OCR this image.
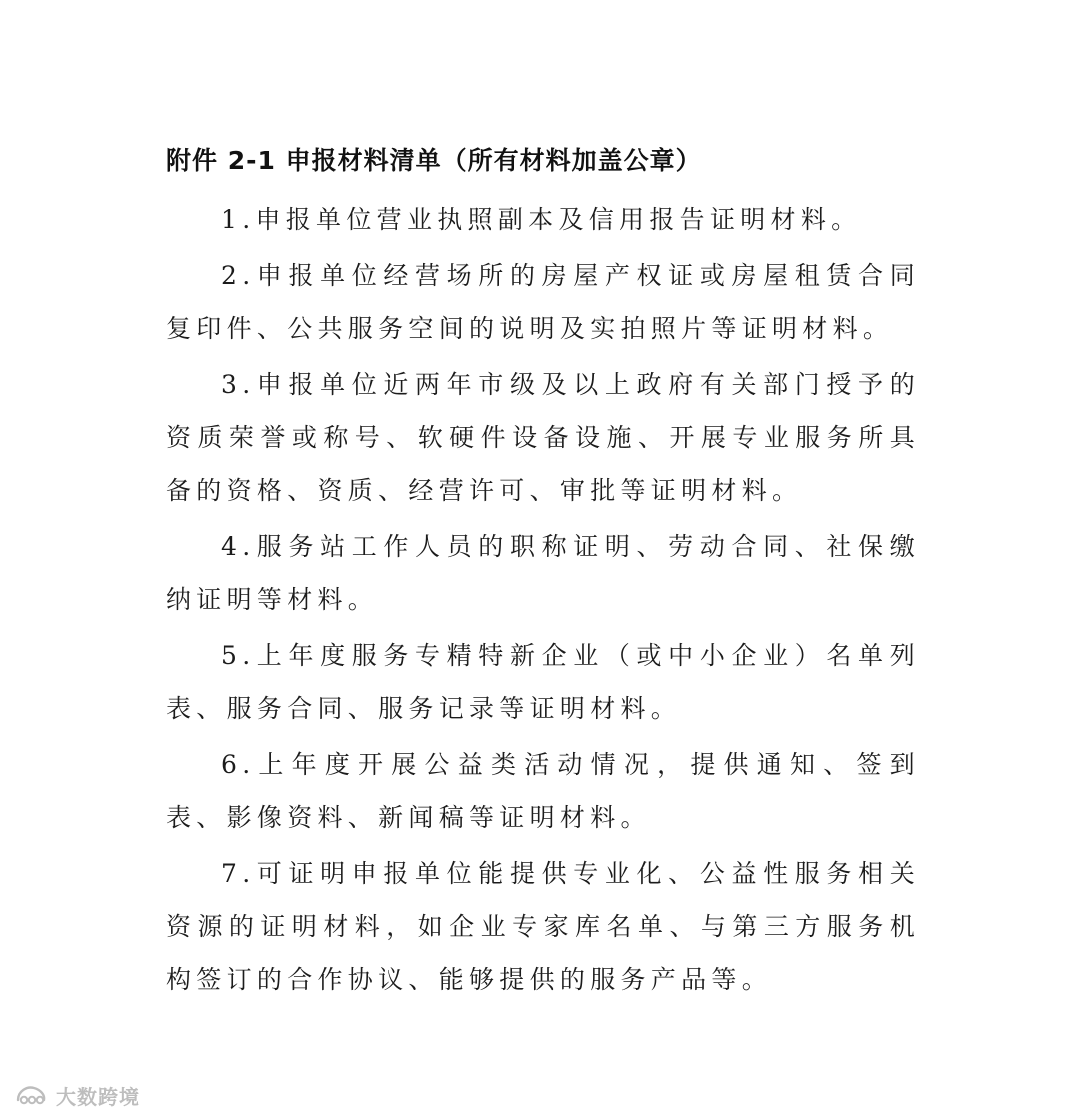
附件 2-1 申报材料清单（所有材料加盖公章）

1.申报单位营业执照副本及信用报告证明材料。

2.申报单位经营场所的房屋产权证或房屋租赁合同复印件、公共服务空间的说明及实拍照片等证明材料。

3.申报单位近两年市级及以上政府有关部门授予的资质荣誉或称号、软硬件设备设施、开展专业服务所具备的资格、资质、经营许可、审批等证明材料。

4.服务站工作人员的职称证明、劳动合同、社保缴纳证明等材料。

5.上年度服务专精特新企业（或中小企业）名单列表、服务合同、服务记录等证明材料。

6.上年度开展公益类活动情况，提供通知、签到表、影像资料、新闻稿等证明材料。

7.可证明申报单位能提供专业化、公益性服务相关资源的证明材料，如企业专家库名单、与第三方服务机构签订的合作协议、能够提供的服务产品等。

大数跨境
